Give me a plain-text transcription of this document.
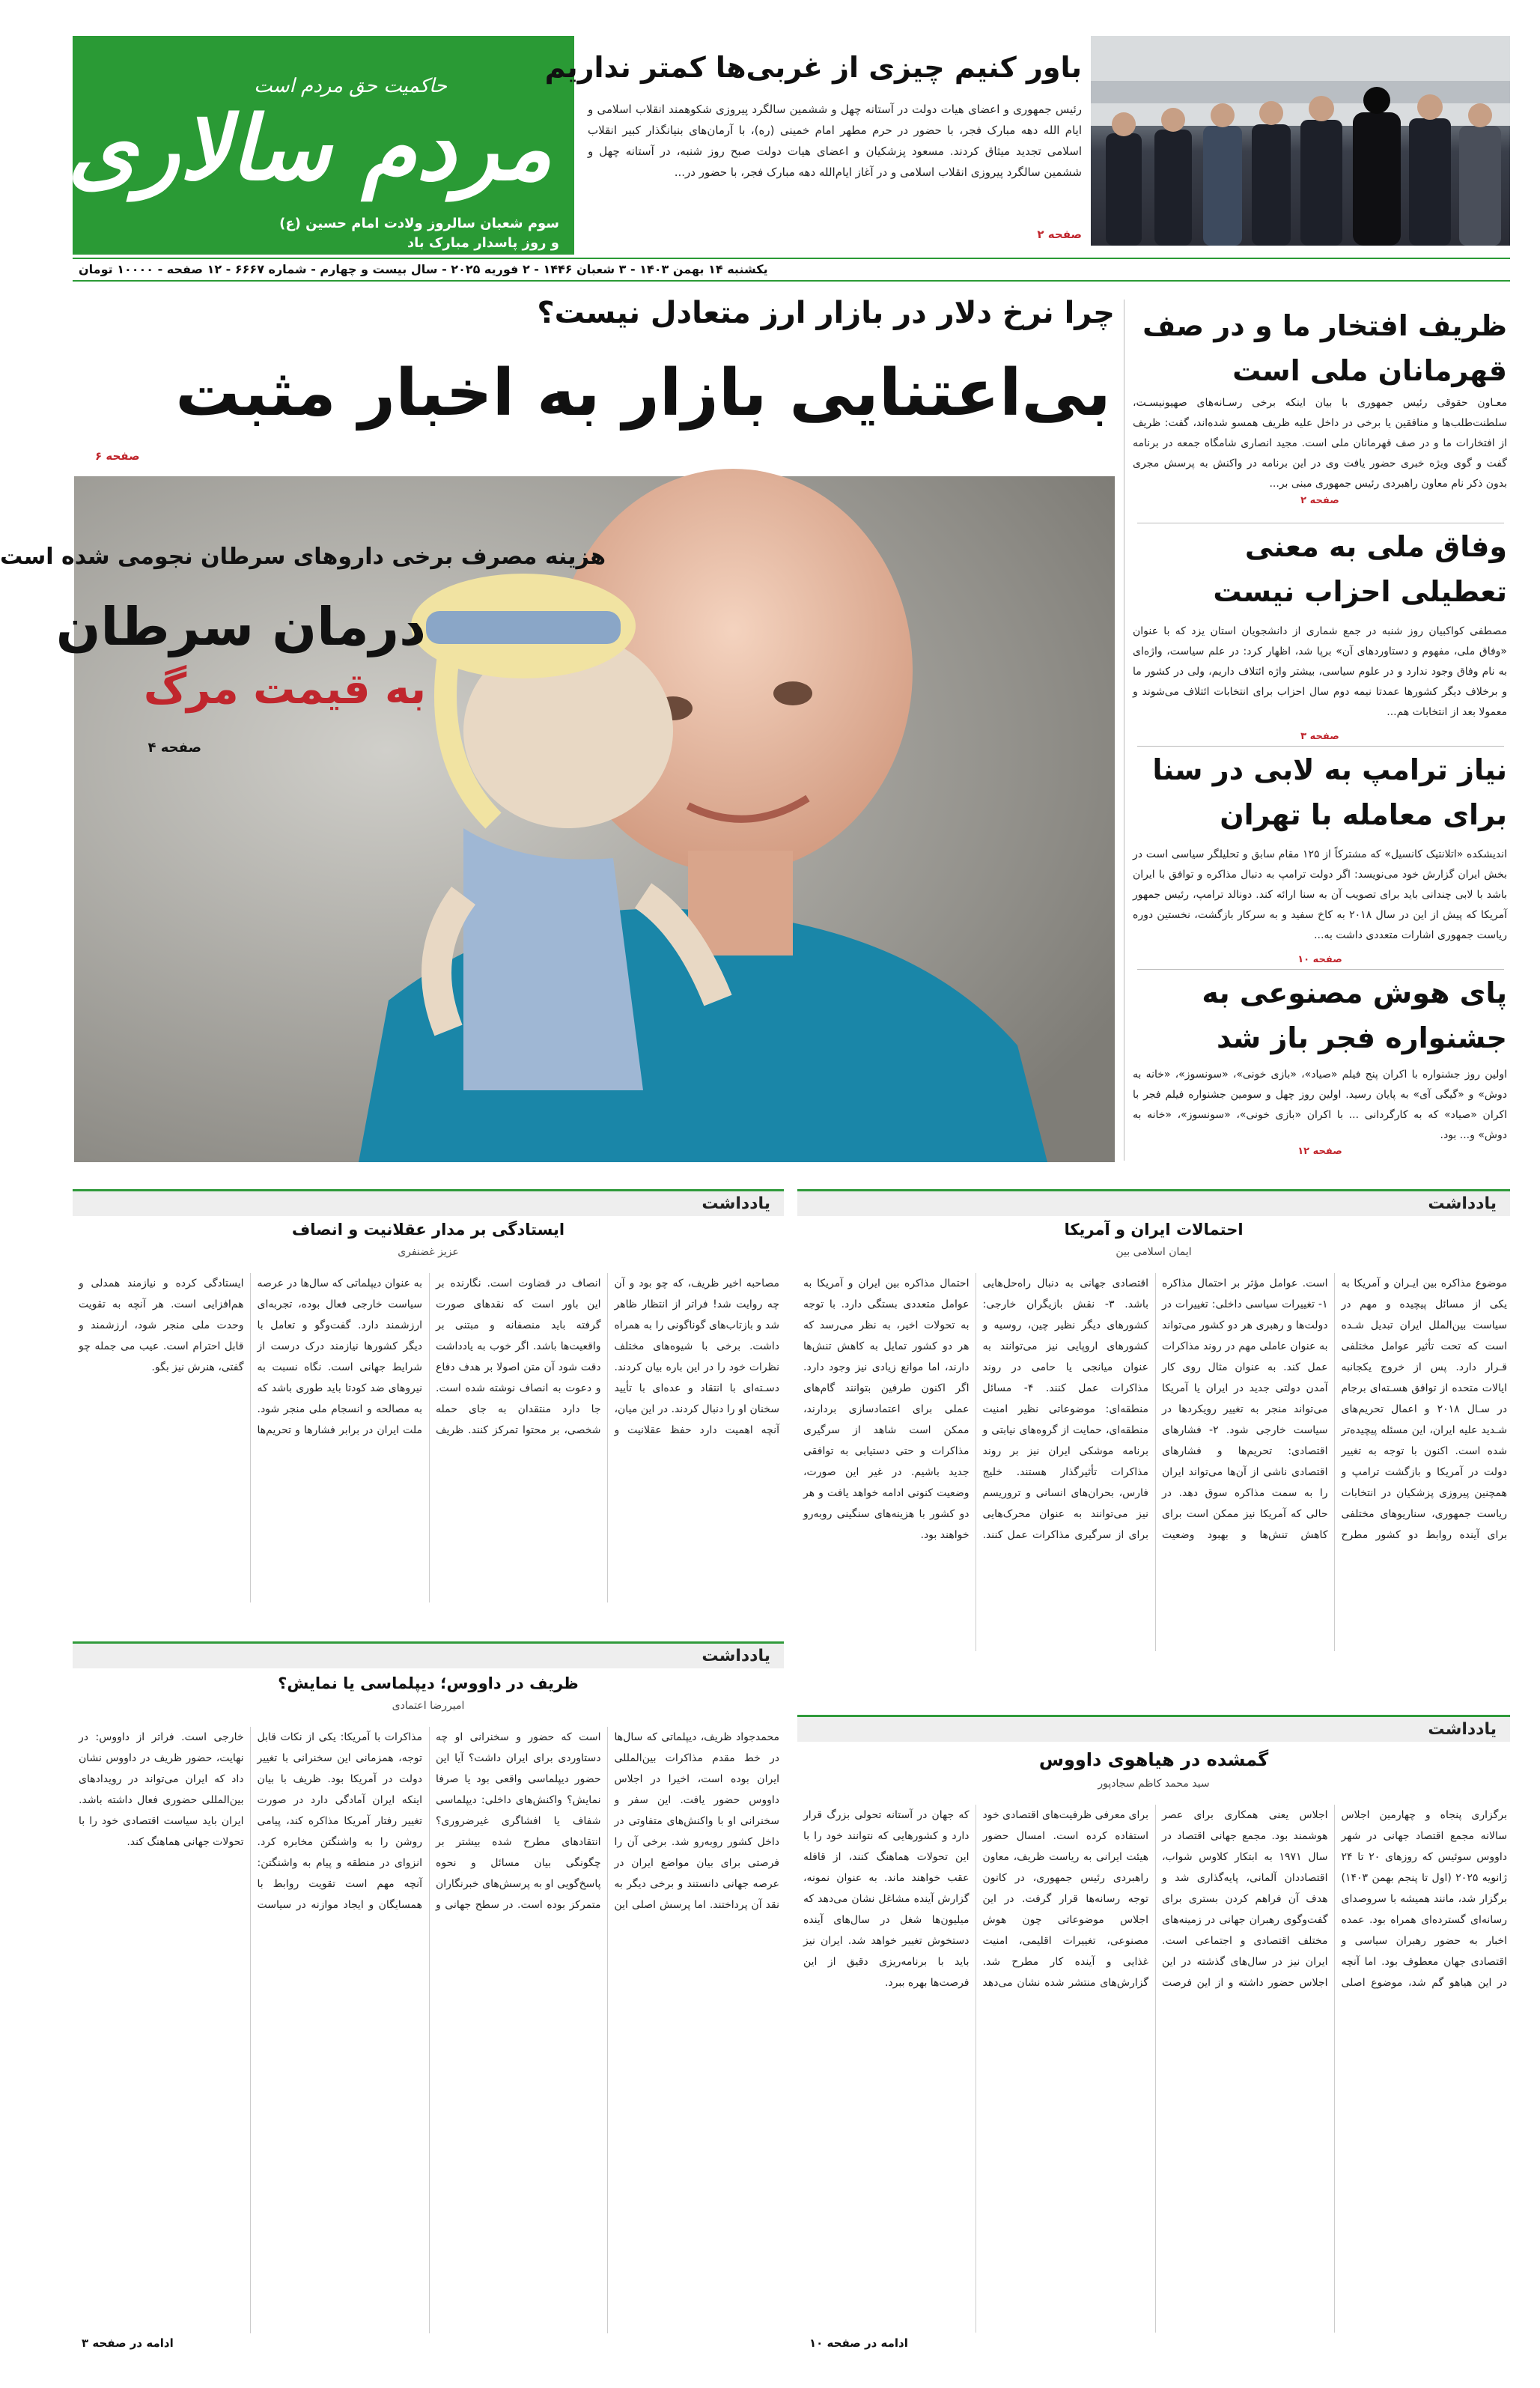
حاکمیت حق مردم است
مردم سالاری
سوم شعبان سالروز ولادت امام حسین (ع)
و روز پاسدار مبارک باد
باور کنیم چیزی از غربی‌ها کمتر نداریم
رئیس جمهوری و اعضای هیات دولت در آستانه چهل و ششمین سالگرد پیروزی شکوهمند انقلاب اسلامی و ایام الله دهه مبارک فجر، با حضور در حرم مطهر امام خمینی (ره)، با آرمان‌های بنیانگذار کبیر انقلاب اسلامی تجدید میثاق کردند. مسعود پزشکیان و اعضای هیات دولت صبح روز شنبه، در آستانه چهل و ششمین سالگرد پیروزی انقلاب اسلامی و در آغاز ایام‌الله دهه مبارک فجر، با حضور در...
صفحه ۲
یکشنبه ۱۴ بهمن ۱۴۰۳ - ۳ شعبان ۱۴۴۶ - ۲ فوریه ۲۰۲۵ - سال بیست و چهارم - شماره ۶۶۶۷ - ۱۲ صفحه - ۱۰۰۰۰ تومان
چرا نرخ دلار در بازار ارز متعادل نیست؟
بی‌اعتنایی بازار به اخبار مثبت
صفحه ۶
هزینه مصرف برخی داروهای سرطان نجومی شده است
درمان سرطان
به قیمت مرگ
صفحه ۴
ظریف افتخار ما و در صف قهرمانان ملی است
معـاون حقوقی رئیس جمهوری با بیان اینکه برخی رسـانه‌های صهیونیسـت، سلطنت‌طلب‌ها و منافقین یا برخی در داخل علیه ظریف همسو شده‌اند، گفت: ظریف از افتخارات ما و در صف قهرمانان ملی است. مجید انصاری شامگاه جمعه در برنامه گفت و گوی ویژه خبری حضور یافت وی در این برنامه در واکنش به پرسش مجری بدون ذکر نام معاون راهبردی رئیس جمهوری مبنی بر...
صفحه ۲
وفاق ملی به معنی تعطیلی احزاب نیست
مصطفی کواکبیان روز شنبه در جمع شماری از دانشجویان استان یزد که با عنوان «وفاق ملی، مفهوم و دستاوردهای آن» برپا شد، اظهار کرد: در علم سیاست، واژه‌ای به نام وفاق وجود ندارد و در علوم سیاسی، بیشتر واژه ائتلاف داریم، ولی در کشور ما و برخلاف دیگر کشورها عمدتا نیمه دوم سال احزاب برای انتخابات ائتلاف می‌شوند و معمولا بعد از انتخابات هم...
صفحه ۳
نیاز ترامپ به لابی در سنا برای معامله با تهران
اندیشکده «اتلانتیک کانسیل» که مشترکاً از ۱۲۵ مقام سابق و تحلیلگر سیاسی است در بخش ایران گزارش خود می‌نویسد: اگر دولت ترامپ به دنبال مذاکره و توافق با ایران باشد با لابی چندانی باید برای تصویب آن به سنا ارائه کند. دونالد ترامپ، رئیس جمهور آمریکا که پیش از این در سال ۲۰۱۸ به کاخ سفید و به سرکار بازگشت، نخستین دوره ریاست جمهوری اشارات متعددی داشت به...
صفحه ۱۰
پای هوش مصنوعی به جشنواره فجر باز شد
اولین روز جشنواره با اکران پنج فیلم «صیاد»، «بازی خونی»، «سونسوز»، «خانه به دوش» و «گیگی آی» به پایان رسید. اولین روز چهل و سومین جشنواره فیلم فجر با اکران «صیاد» که به کارگردانی ... با اکران «بازی خونی»، «سونسوز»، «خانه به دوش» و... بود.
صفحه ۱۲
یادداشت
احتمالات ایران و آمریکا
ایمان اسلامی بین
موضوع مذاکره بین ایـران و آمریکا به یکی از مسائل پیچیده و مهم در سیاست بین‌الملل ایران تبدیل شـده است که تحت تأثیر عوامل مختلفی قـرار دارد. پس از خروج یکجانبه ایالات متحده از توافق هسـته‌ای برجام در سـال ۲۰۱۸ و اعمال تحریم‌های شـدید علیه ایران، این مسئله پیچیده‌تر شده است. اکنون با توجه به تغییر دولت در آمریکا و بازگشت ترامپ و همچنین پیروزی پزشکیان در انتخابات ریاست جمهوری، سناریوهای مختلفی برای آینده روابط دو کشور مطرح است. عوامل مؤثر بر احتمال مذاکره ۱- تغییرات سیاسی داخلی: تغییرات در دولت‌ها و رهبری هر دو کشور می‌تواند به عنوان عاملی مهم در روند مذاکرات عمل کند. به عنوان مثال روی کار آمدن دولتی جدید در ایران یا آمریکا می‌تواند منجر به تغییر رویکردها در سیاست خارجی شود. ۲- فشارهای اقتصادی: تحریم‌ها و فشارهای اقتصادی ناشی از آن‌ها می‌تواند ایران را به سمت مذاکره سوق دهد. در حالی که آمریکا نیز ممکن است برای کاهش تنش‌ها و بهبود وضعیت اقتصادی جهانی به دنبال راه‌حل‌هایی باشد. ۳- نقش بازیگران خارجی: کشورهای دیگر نظیر چین، روسیه و کشورهای اروپایی نیز می‌توانند به عنوان میانجی یا حامی در روند مذاکرات عمل کنند. ۴- مسائل منطقه‌ای: موضوعاتی نظیر امنیت منطقه‌ای، حمایت از گروه‌های نیابتی و برنامه موشکی ایران نیز بر روند مذاکرات تأثیرگذار هستند. خلیج فارس، بحران‌های انسانی و تروریسم نیز می‌توانند به عنوان محرک‌هایی برای از سرگیری مذاکرات عمل کنند. احتمال مذاکره بین ایران و آمریکا به عوامل متعددی بستگی دارد. با توجه به تحولات اخیر، به نظر می‌رسد که هر دو کشور تمایل به کاهش تنش‌ها دارند، اما موانع زیادی نیز وجود دارد. اگر اکنون طرفین بتوانند گام‌های عملی برای اعتمادسازی بردارند، ممکن است شاهد از سرگیری مذاکرات و حتی دستیابی به توافقی جدید باشیم. در غیر این صورت، وضعیت کنونی ادامه خواهد یافت و هر دو کشور با هزینه‌های سنگینی روبه‌رو خواهند بود.
یادداشت
ایستادگی بر مدار عقلانیت و انصاف
عزیز غضنفری
مصاحبه اخیر ظریف، که چو بود و آن چه روایت شد! فراتر از انتظار ظاهر شد و بازتاب‌های گوناگونی را به همراه داشت. برخی با شیوه‌های مختلف نظرات خود را در این باره بیان کردند. دسـته‌ای با انتقاد و عده‌ای با تأیید سخنان او را دنبال کردند. در این میان، آنچه اهمیت دارد حفظ عقلانیت و انصاف در قضاوت است. نگارنده بر این باور است که نقدهای صورت گرفته باید منصفانه و مبتنی بر واقعیت‌ها باشد. اگر خوب به یادداشت دقت شود آن متن اصولا بر هدف دفاع و دعوت به انصاف نوشته شده است. جا دارد منتقدان به جای حمله شخصی، بر محتوا تمرکز کنند. ظریف به عنوان دیپلماتی که سال‌ها در عرصه سیاست خارجی فعال بوده، تجربه‌ای ارزشمند دارد. گفت‌وگو و تعامل با دیگر کشورها نیازمند درک درست از شرایط جهانی است. نگاه نسبت به نیروهای ضد کودتا باید طوری باشد که به مصالحه و انسجام ملی منجر شود. ملت ایران در برابر فشارها و تحریم‌ها ایستادگی کرده و نیازمند همدلی و هم‌افزایی است. هر آنچه به تقویت وحدت ملی منجر شود، ارزشمند و قابل احترام است. عیب می جمله چو گفتی، هنرش نیز بگو.
یادداشت
ظریف در داووس؛ دیپلماسی یا نمایش؟
امیررضا اعتمادی
محمدجواد ظریف، دیپلماتی که سال‌ها در خط مقدم مذاکرات بین‌المللی ایران بوده است، اخیرا در اجلاس داووس حضور یافت. این سفر و سخنرانی او با واکنش‌های متفاوتی در داخل کشور روبه‌رو شد. برخی آن را فرصتی برای بیان مواضع ایران در عرصه جهانی دانستند و برخی دیگر به نقد آن پرداختند. اما پرسش اصلی این است که حضور و سخنرانی او چه دستاوردی برای ایران داشت؟ آیا این حضور دیپلماسی واقعی بود یا صرفا نمایش؟ واکنش‌های داخلی: دیپلماسی شفاف یا افشاگری غیرضروری؟ انتقادهای مطرح شده بیشتر بر چگونگی بیان مسائل و نحوه پاسخ‌گویی او به پرسش‌های خبرنگاران متمرکز بوده است. در سطح جهانی و مذاکرات با آمریکا: یکی از نکات قابل توجه، همزمانی این سخنرانی با تغییر دولت در آمریکا بود. ظریف با بیان اینکه ایران آمادگی دارد در صورت تغییر رفتار آمریکا مذاکره کند، پیامی روشن را به واشنگتن مخابره کرد. انزوای در منطقه و پیام به واشنگتن: آنچه مهم است تقویت روابط با همسایگان و ایجاد موازنه در سیاست خارجی است. فراتر از داووس: در نهایت، حضور ظریف در داووس نشان داد که ایران می‌تواند در رویدادهای بین‌المللی حضوری فعال داشته باشد. ایران باید سیاست اقتصادی خود را با تحولات جهانی هماهنگ کند.
ادامه در صفحه ۳
یادداشت
گمشده در هیاهوی داووس
سید محمد کاظم سجادپور
برگزاری پنجاه و چهارمین اجلاس سالانه مجمع اقتصاد جهانی در شهر داووس سوئیس که روزهای ۲۰ تا ۲۴ ژانویه ۲۰۲۵ (اول تا پنجم بهمن ۱۴۰۳) برگزار شد، مانند همیشه با سروصدای رسانه‌ای گسترده‌ای همراه بود. عمده اخبار به حضور رهبران سیاسی و اقتصادی جهان معطوف بود. اما آنچه در این هیاهو گم شد، موضوع اصلی اجلاس یعنی همکاری برای عصر هوشمند بود. مجمع جهانی اقتصاد در سال ۱۹۷۱ به ابتکار کلاوس شواب، اقتصاددان آلمانی، پایه‌گذاری شد و هدف آن فراهم کردن بستری برای گفت‌وگوی رهبران جهانی در زمینه‌های مختلف اقتصادی و اجتماعی است. ایران نیز در سال‌های گذشته در این اجلاس حضور داشته و از این فرصت برای معرفی ظرفیت‌های اقتصادی خود استفاده کرده است. امسال حضور هیئت ایرانی به ریاست ظریف، معاون راهبردی رئیس جمهوری، در کانون توجه رسانه‌ها قرار گرفت. در این اجلاس موضوعاتی چون هوش مصنوعی، تغییرات اقلیمی، امنیت غذایی و آینده کار مطرح شد. گزارش‌های منتشر شده نشان می‌دهد که جهان در آستانه تحولی بزرگ قرار دارد و کشورهایی که نتوانند خود را با این تحولات هماهنگ کنند، از قافله عقب خواهند ماند. به عنوان نمونه، گزارش آینده مشاغل نشان می‌دهد که میلیون‌ها شغل در سال‌های آینده دستخوش تغییر خواهد شد. ایران نیز باید با برنامه‌ریزی دقیق از این فرصت‌ها بهره ببرد.
ادامه در صفحه ۱۰
